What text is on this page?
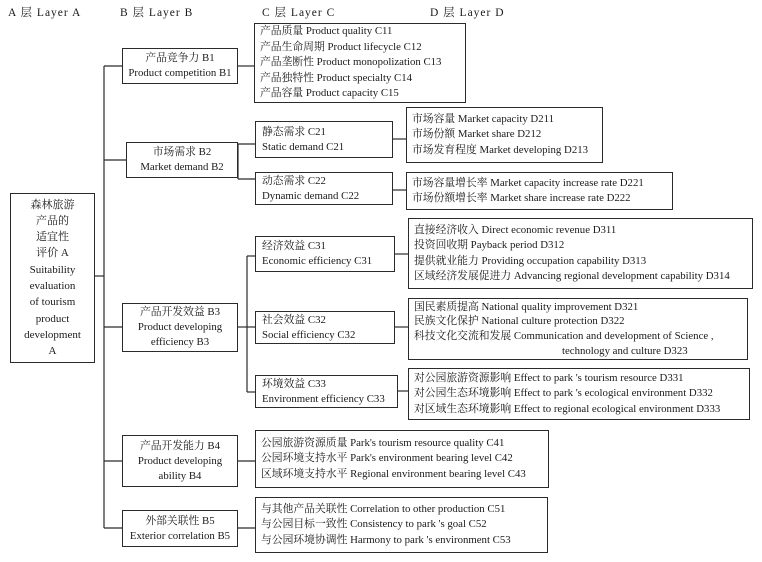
A 层 Layer A	B 层 Layer B	C 层 Layer C	D 层 Layer D
森林旅游
产品的
适宜性
评价 A
Suitability
evaluation
of tourism
product
development
A
产品竞争力 B1
Product competition B1
市场需求 B2
Market demand B2
产品开发效益 B3
Product developing
efficiency B3
产品开发能力 B4
Product developing
ability B4
外部关联性 B5
Exterior correlation B5
产品质量 Product quality C11
产品生命周期 Product lifecycle C12
产品垄断性 Product monopolization C13
产品独特性 Product specialty C14
产品容量 Product capacity C15
静态需求 C21
Static demand C21
动态需求 C22
Dynamic demand C22
经济效益 C31
Economic efficiency C31
社会效益 C32
Social efficiency C32
环境效益 C33
Environment efficiency C33
公园旅游资源质量 Park's tourism resource quality C41
公园环境支持水平 Park's environment bearing level C42
区域环境支持水平 Regional environment bearing level C43
与其他产品关联性 Correlation to other production C51
与公园目标一致性 Consistency to park 's goal C52
与公园环境协调性 Harmony to park 's environment C53
市场容量 Market capacity D211
市场份额 Market share D212
市场发育程度 Market developing D213
市场容量增长率 Market capacity increase rate D221
市场份额增长率 Market share increase rate D222
直接经济收入 Direct economic revenue D311
投资回收期 Payback period D312
提供就业能力 Providing occupation capability D313
区域经济发展促进力 Advancing regional development capability D314
国民素质提高 National quality improvement D321
民族文化保护 National culture protection D322
科技文化交流和发展 Communication and development of Science ,
technology and culture D323
对公园旅游资源影响 Effect to park 's tourism resource D331
对公园生态环境影响 Effect to park 's ecological environment D332
对区域生态环境影响 Effect to regional ecological environment D333
